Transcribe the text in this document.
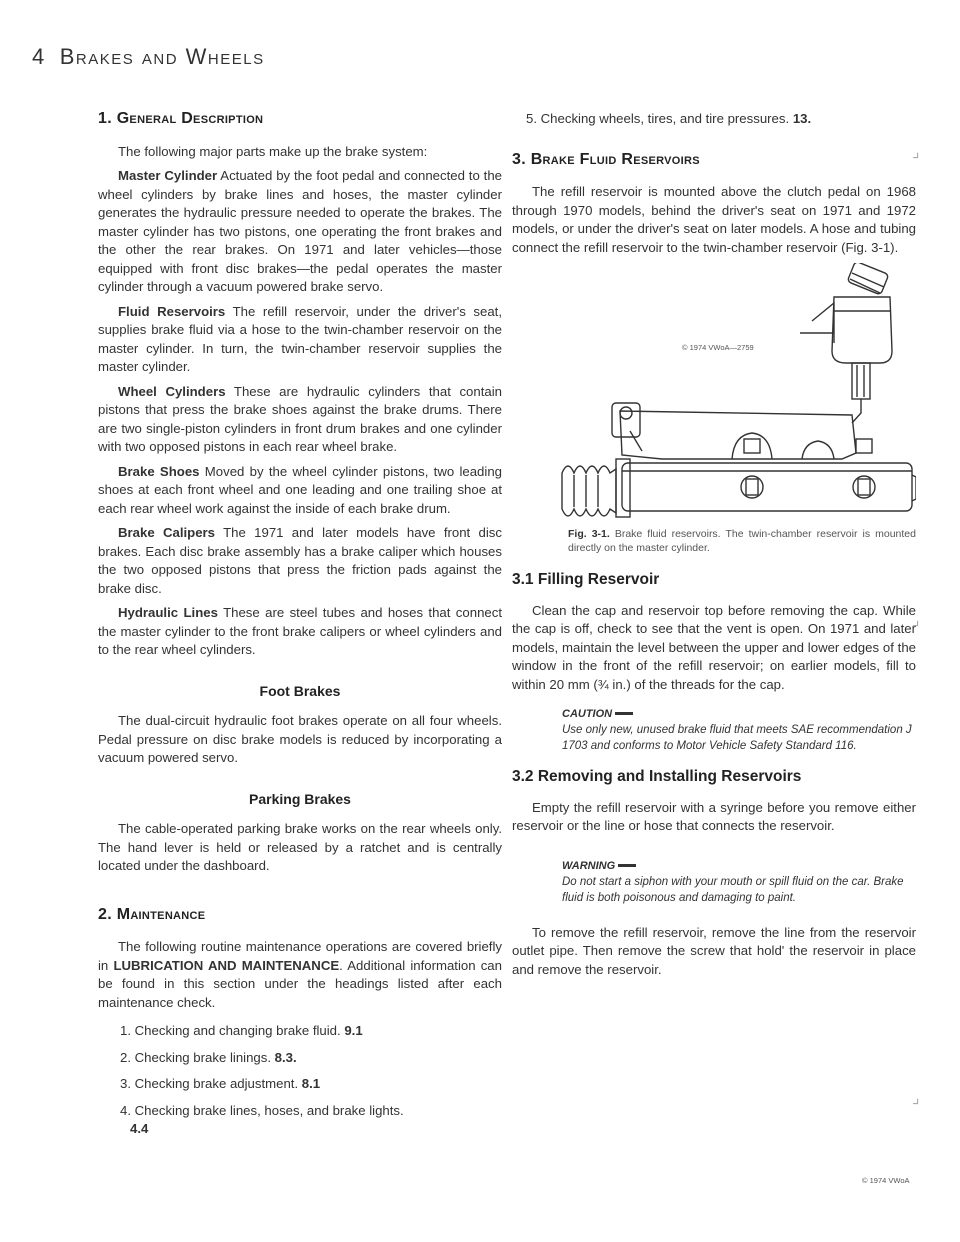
4 Brakes and Wheels
1. General Description

The following major parts make up the brake system:

Master Cylinder Actuated by the foot pedal and connected to the wheel cylinders by brake lines and hoses, the master cylinder generates the hydraulic pressure needed to operate the brakes. The master cylinder has two pistons, one operating the front brakes and the other the rear brakes. On 1971 and later vehicles—those equipped with front disc brakes—the pedal operates the master cylinder through a vacuum powered brake servo.

Fluid Reservoirs The refill reservoir, under the driver's seat, supplies brake fluid via a hose to the twin-chamber reservoir on the master cylinder. In turn, the twin-chamber reservoir supplies the master cylinder.

Wheel Cylinders These are hydraulic cylinders that contain pistons that press the brake shoes against the brake drums. There are two single-piston cylinders in front drum brakes and one cylinder with two opposed pistons in each rear wheel brake.

Brake Shoes Moved by the wheel cylinder pistons, two leading shoes at each front wheel and one leading and one trailing shoe at each rear wheel work against the inside of each brake drum.

Brake Calipers The 1971 and later models have front disc brakes. Each disc brake assembly has a brake caliper which houses the two opposed pistons that press the friction pads against the brake disc.

Hydraulic Lines These are steel tubes and hoses that connect the master cylinder to the front brake calipers or wheel cylinders and to the rear wheel cylinders.

Foot Brakes

The dual-circuit hydraulic foot brakes operate on all four wheels. Pedal pressure on disc brake models is reduced by incorporating a vacuum powered servo.

Parking Brakes

The cable-operated parking brake works on the rear wheels only. The hand lever is held or released by a ratchet and is centrally located under the dashboard.

2. Maintenance

The following routine maintenance operations are covered briefly in LUBRICATION AND MAINTENANCE. Additional information can be found in this section under the headings listed after each maintenance check.

1. Checking and changing brake fluid. 9.1

2. Checking brake linings. 8.3.

3. Checking brake adjustment. 8.1

4. Checking brake lines, hoses, and brake lights.
4.4

5. Checking wheels, tires, and tire pressures. 13.

3. Brake Fluid Reservoirs

The refill reservoir is mounted above the clutch pedal on 1968 through 1970 models, behind the driver's seat on 1971 and 1972 models, or under the driver's seat on later models. A hose and tubing connect the refill reservoir to the twin-chamber reservoir (Fig. 3-1).

© 1974 VWoA—2759

Fig. 3-1. Brake fluid reservoirs. The twin-chamber reservoir is mounted directly on the master cylinder.

3.1 Filling Reservoir

Clean the cap and reservoir top before removing the cap. While the cap is off, check to see that the vent is open. On 1971 and later models, maintain the level between the upper and lower edges of the window in the front of the refill reservoir; on earlier models, fill to within 20 mm (¾ in.) of the threads for the cap.

CAUTION
Use only new, unused brake fluid that meets SAE recommendation J 1703 and conforms to Motor Vehicle Safety Standard 116.
3.2 Removing and Installing Reservoirs

Empty the refill reservoir with a syringe before you remove either reservoir or the line or hose that connects the reservoir.

WARNING
Do not start a siphon with your mouth or spill fluid on the car. Brake fluid is both poisonous and damaging to paint.

To remove the refill reservoir, remove the line from the reservoir outlet pipe. Then remove the screw that hold' the reservoir in place and remove the reservoir.

⌟
⌟
⌟
© 1974 VWoA
